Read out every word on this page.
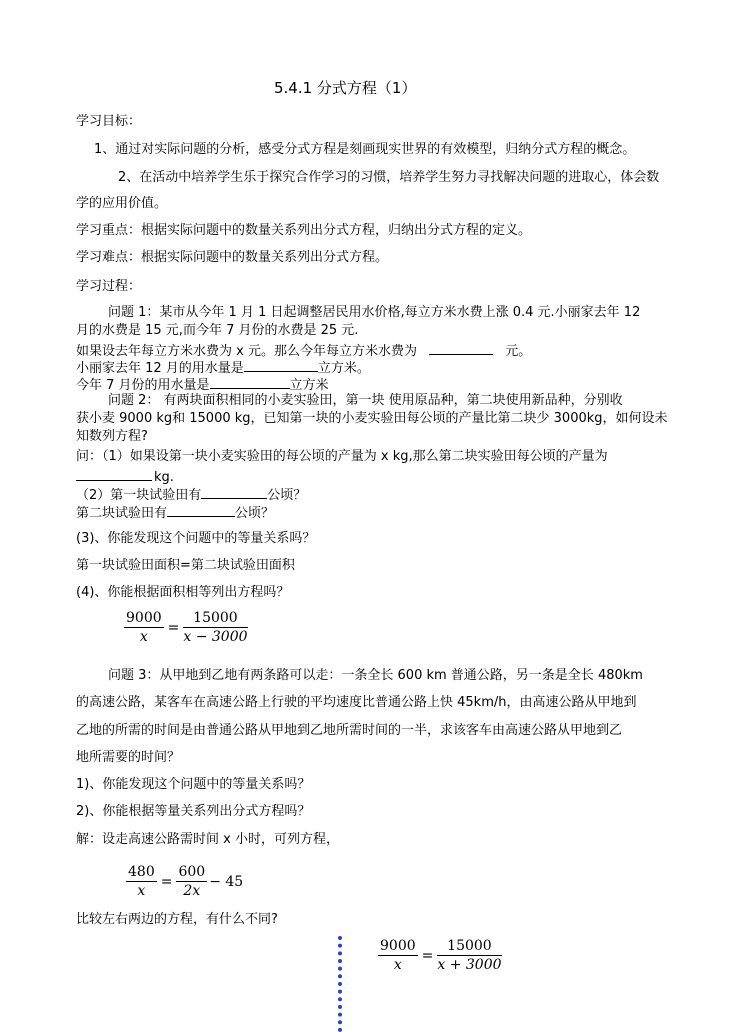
5.4.1 分式方程（1）
学习目标：
1、通过对实际问题的分析，感受分式方程是刻画现实世界的有效模型，归纳分式方程的概念。
2、在活动中培养学生乐于探究合作学习的习惯，培养学生努力寻找解决问题的进取心，体会数
学的应用价值。
学习重点：根据实际问题中的数量关系列出分式方程，归纳出分式方程的定义。
学习难点：根据实际问题中的数量关系列出分式方程。
学习过程：
问题 1：某市从今年 1 月 1 日起调整居民用水价格,每立方米水费上涨 0.4 元.小丽家去年 12
月的水费是 15 元,而今年 7 月份的水费是 25 元.
如果设去年每立方米水费为 x 元。那么今年每立方米水费为	元。
小丽家去年 12 月的用水量是	立方米。
今年 7 月份的用水量是	立方米
问题 2： 有两块面积相同的小麦实验田，第一块 使用原品种，第二块使用新品种，分别收
获小麦 9000 kg和 15000 kg，已知第一块的小麦实验田每公顷的产量比第二块少 3000kg，如何设未
知数列方程?
问：（1）如果设第一块小麦实验田的每公顷的产量为 x kg,那么第二块实验田每公顷的产量为
kg.
（2）第一块试验田有	公顷？
第二块试验田有	公顷？
(3)、你能发现这个问题中的等量关系吗？
第一块试验田面积=第二块试验田面积
(4)、你能根据面积相等列出方程吗？
$\frac{9000}{x} = \frac{15000}{x - 3000}$
问题 3：从甲地到乙地有两条路可以走：一条全长 600 km 普通公路，另一条是全长 480km
的高速公路，某客车在高速公路上行驶的平均速度比普通公路上快 45km/h，由高速公路从甲地到
乙地的所需的时间是由普通公路从甲地到乙地所需时间的一半，求该客车由高速公路从甲地到乙
地所需要的时间？
1)、你能发现这个问题中的等量关系吗？
2)、你能根据等量关系列出分式方程吗？
解：设走高速公路需时间 x 小时，可列方程，
$\frac{480}{x} = \frac{600}{2x} - 45$
比较左右两边的方程，有什么不同?
$\frac{9000}{x} = \frac{15000}{x + 3000}$
